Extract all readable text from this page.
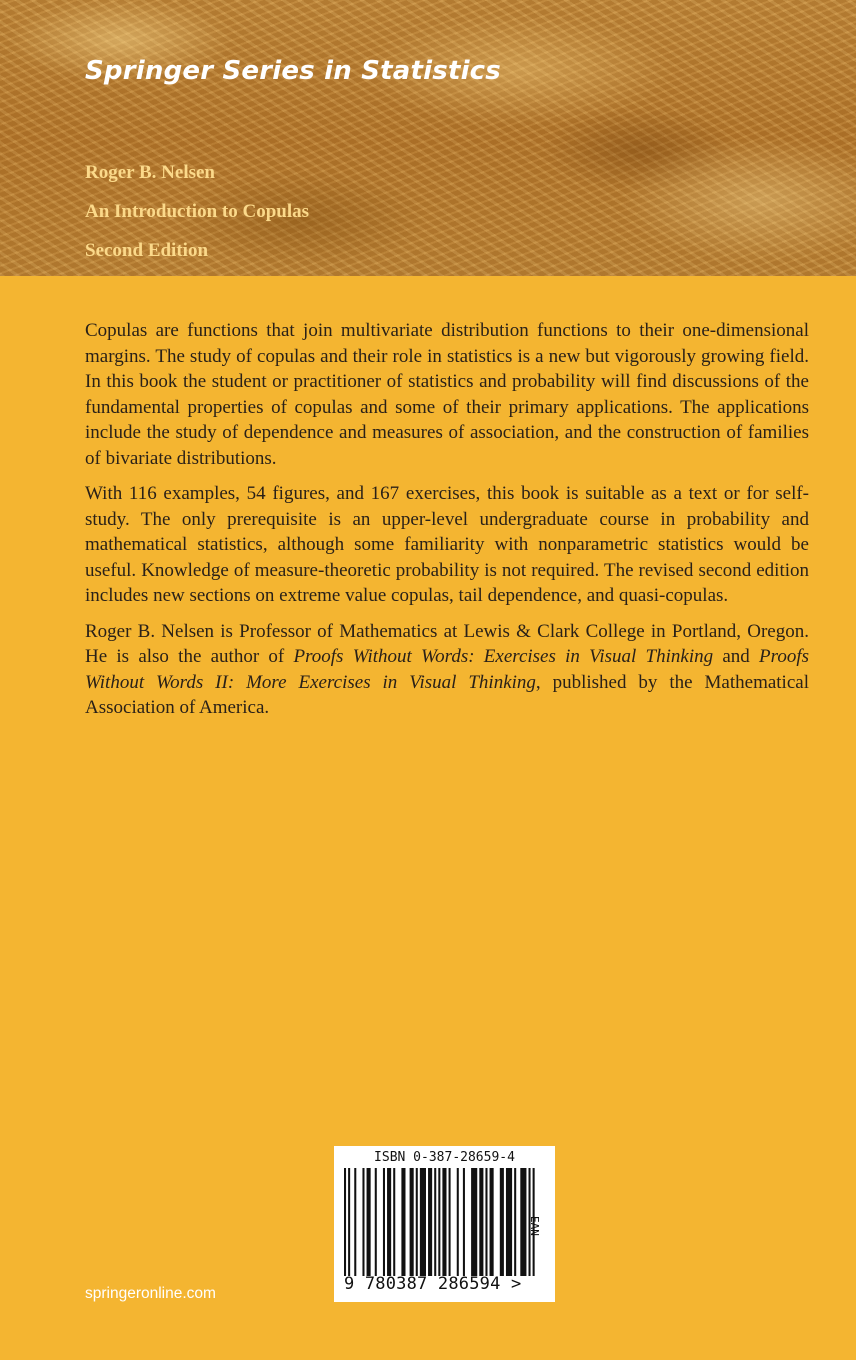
Springer Series in Statistics
Roger B. Nelsen
An Introduction to Copulas
Second Edition

Copulas are functions that join multivariate distribution functions to their one-dimensional margins. The study of copulas and their role in statistics is a new but vigorously growing field. In this book the student or practitioner of statistics and probability will find discussions of the fundamental properties of copulas and some of their primary applications. The applications include the study of dependence and measures of association, and the construction of families of bivariate distributions.

With 116 examples, 54 figures, and 167 exercises, this book is suitable as a text or for self-study. The only prerequisite is an upper-level undergraduate course in probability and mathematical statistics, although some familiarity with nonparametric statistics would be useful. Knowledge of measure-theoretic probability is not required. The revised second edition includes new sections on extreme value copulas, tail dependence, and quasi-copulas.

Roger B. Nelsen is Professor of Mathematics at Lewis & Clark College in Portland, Oregon. He is also the author of Proofs Without Words: Exercises in Visual Thinking and Proofs Without Words II: More Exercises in Visual Thinking, published by the Mathematical Association of America.

ISBN 0-387-28659-4
EAN
9 780387 286594 >
springeronline.com
